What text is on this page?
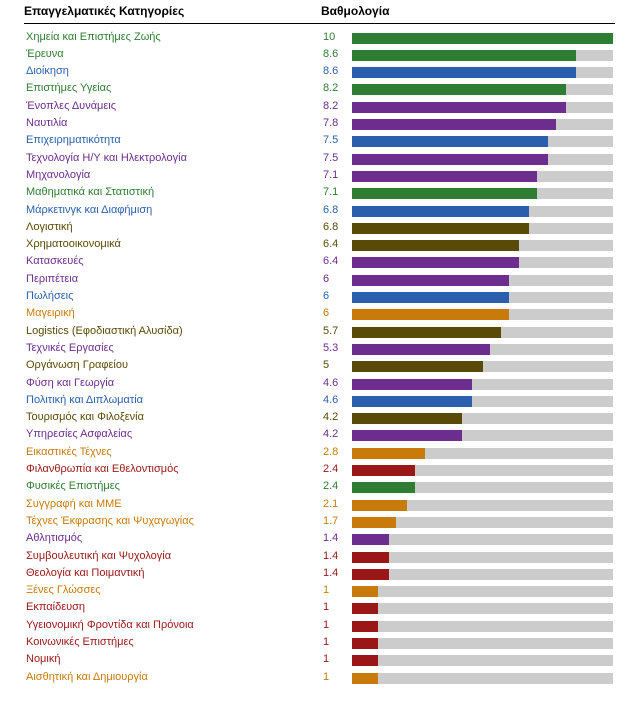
Επαγγελματικές Κατηγορίες	Βαθμολογία
Χημεία και Επιστήμες Ζωής	10
Έρευνα	8.6
Διοίκηση	8.6
Επιστήμες Υγείας	8.2
Ένοπλες Δυνάμεις	8.2
Ναυτιλία	7.8
Επιχειρηματικότητα	7.5
Τεχνολογία Η/Υ και Ηλεκτρολογία	7.5
Μηχανολογία	7.1
Μαθηματικά και Στατιστική	7.1
Μάρκετινγκ και Διαφήμιση	6.8
Λογιστική	6.8
Χρηματοοικονομικά	6.4
Κατασκευές	6.4
Περιπέτεια	6
Πωλήσεις	6
Μαγειρική	6
Logistics (Εφοδιαστική Αλυσίδα)	5.7
Τεχνικές Εργασίες	5.3
Οργάνωση Γραφείου	5
Φύση και Γεωργία	4.6
Πολιτική και Διπλωματία	4.6
Τουρισμός και Φιλοξενία	4.2
Υπηρεσίες Ασφαλείας	4.2
Εικαστικές Τέχνες	2.8
Φιλανθρωπία και Εθελοντισμός	2.4
Φυσικές Επιστήμες	2.4
Συγγραφή και ΜΜΕ	2.1
Τέχνες Έκφρασης και Ψυχαγωγίας	1.7
Αθλητισμός	1.4
Συμβουλευτική και Ψυχολογία	1.4
Θεολογία και Ποιμαντική	1.4
Ξένες Γλώσσες	1
Εκπαίδευση	1
Υγειονομική Φροντίδα και Πρόνοια	1
Κοινωνικές Επιστήμες	1
Νομική	1
Αισθητική και Δημιουργία	1
